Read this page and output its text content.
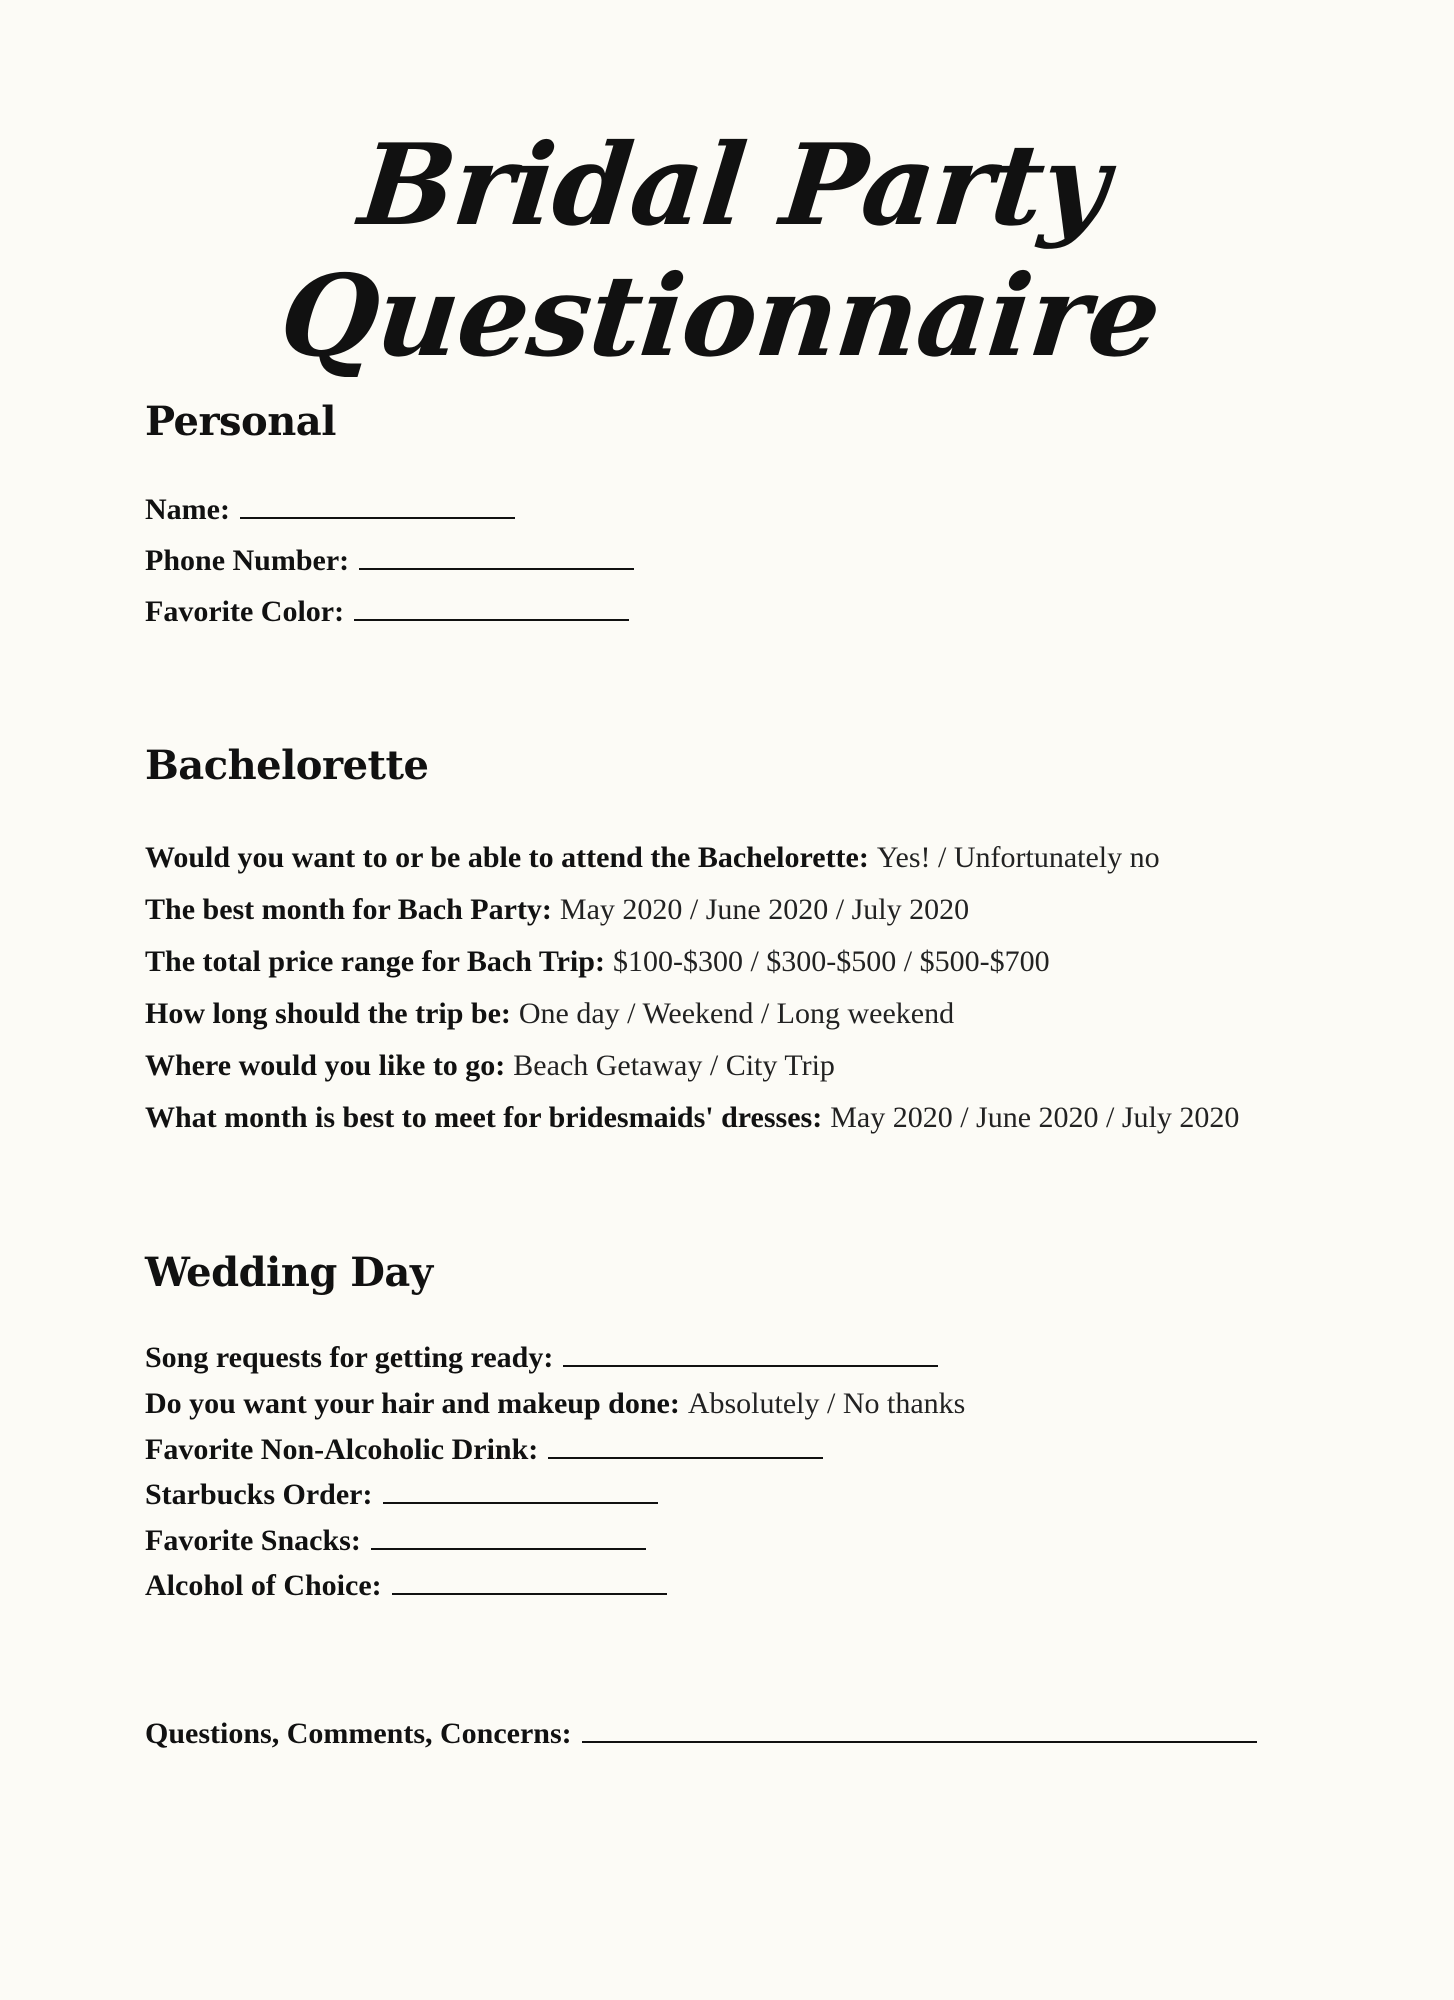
Bridal Party Questionnaire
Personal
Name:
Phone Number:
Favorite Color:
Bachelorette
Would you want to or be able to attend the Bachelorette: Yes! / Unfortunately no
The best month for Bach Party: May 2020 / June 2020 / July 2020
The total price range for Bach Trip: $100-$300 / $300-$500 / $500-$700
How long should the trip be: One day / Weekend / Long weekend
Where would you like to go: Beach Getaway / City Trip
What month is best to meet for bridesmaids' dresses: May 2020 / June 2020 / July 2020
Wedding Day
Song requests for getting ready:
Do you want your hair and makeup done: Absolutely / No thanks
Favorite Non-Alcoholic Drink:
Starbucks Order:
Favorite Snacks:
Alcohol of Choice:
Questions, Comments, Concerns:
